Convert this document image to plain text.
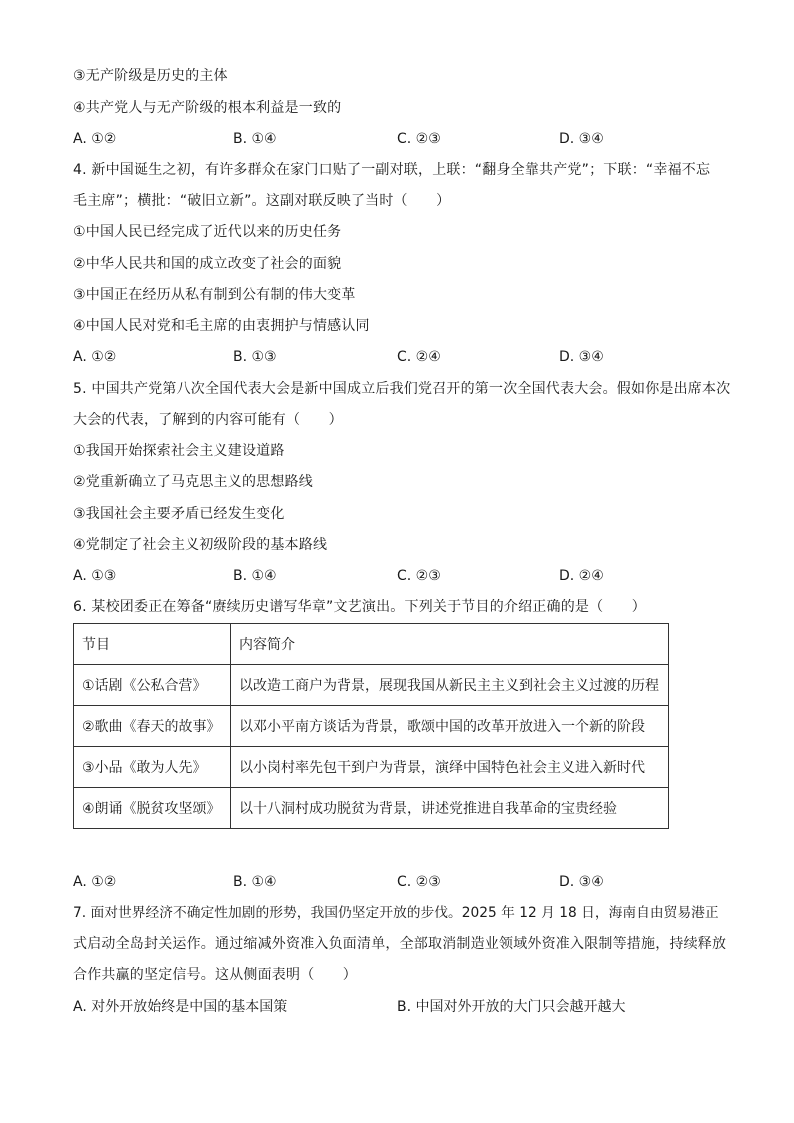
③无产阶级是历史的主体
④共产党人与无产阶级的根本利益是一致的
A. ①②	B. ①④	C. ②③	D. ③④
4. 新中国诞生之初，有许多群众在家门口贴了一副对联，上联：“翻身全靠共产党”；下联：“幸福不忘
毛主席”；横批：“破旧立新”。这副对联反映了当时（　　）
①中国人民已经完成了近代以来的历史任务
②中华人民共和国的成立改变了社会的面貌
③中国正在经历从私有制到公有制的伟大变革
④中国人民对党和毛主席的由衷拥护与情感认同
A. ①②	B. ①③	C. ②④	D. ③④
5. 中国共产党第八次全国代表大会是新中国成立后我们党召开的第一次全国代表大会。假如你是出席本次
大会的代表，了解到的内容可能有（　　）
①我国开始探索社会主义建设道路
②党重新确立了马克思主义的思想路线
③我国社会主要矛盾已经发生变化
④党制定了社会主义初级阶段的基本路线
A. ①③	B. ①④	C. ②③	D. ②④
6. 某校团委正在筹备“赓续历史谱写华章”文艺演出。下列关于节目的介绍正确的是（　　）
节目	内容简介
①话剧《公私合营》	以改造工商户为背景，展现我国从新民主主义到社会主义过渡的历程
②歌曲《春天的故事》	以邓小平南方谈话为背景，歌颂中国的改革开放进入一个新的阶段
③小品《敢为人先》	以小岗村率先包干到户为背景，演绎中国特色社会主义进入新时代
④朗诵《脱贫攻坚颂》	以十八洞村成功脱贫为背景，讲述党推进自我革命的宝贵经验
A. ①②	B. ①④	C. ②③	D. ③④
7. 面对世界经济不确定性加剧的形势，我国仍坚定开放的步伐。2025 年 12 月 18 日，海南自由贸易港正
式启动全岛封关运作。通过缩减外资准入负面清单，全部取消制造业领域外资准入限制等措施，持续释放
合作共赢的坚定信号。这从侧面表明（　　）
A. 对外开放始终是中国的基本国策	B. 中国对外开放的大门只会越开越大
